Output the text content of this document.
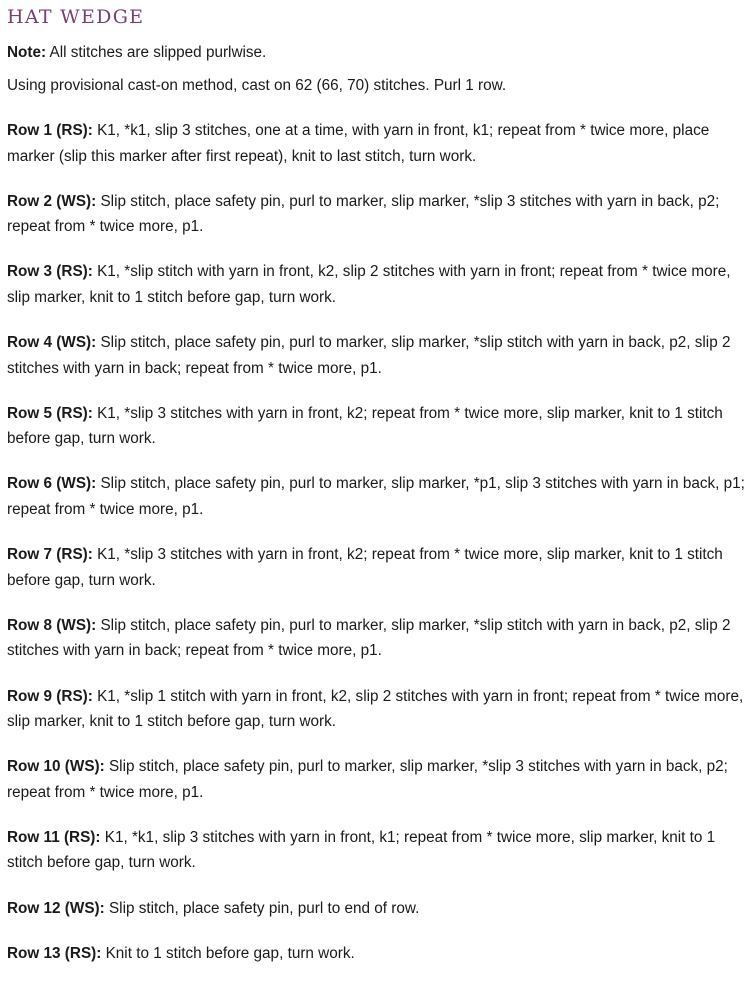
HAT WEDGE

Note: All stitches are slipped purlwise.

Using provisional cast-on method, cast on 62 (66, 70) stitches. Purl 1 row.

Row 1 (RS): K1, *k1, slip 3 stitches, one at a time, with yarn in front, k1; repeat from * twice more, place marker (slip this marker after first repeat), knit to last stitch, turn work.

Row 2 (WS): Slip stitch, place safety pin, purl to marker, slip marker, *slip 3 stitches with yarn in back, p2; repeat from * twice more, p1.

Row 3 (RS): K1, *slip stitch with yarn in front, k2, slip 2 stitches with yarn in front; repeat from * twice more, slip marker, knit to 1 stitch before gap, turn work.

Row 4 (WS): Slip stitch, place safety pin, purl to marker, slip marker, *slip stitch with yarn in back, p2, slip 2 stitches with yarn in back; repeat from * twice more, p1.

Row 5 (RS): K1, *slip 3 stitches with yarn in front, k2; repeat from * twice more, slip marker, knit to 1 stitch before gap, turn work.

Row 6 (WS): Slip stitch, place safety pin, purl to marker, slip marker, *p1, slip 3 stitches with yarn in back, p1; repeat from * twice more, p1.

Row 7 (RS): K1, *slip 3 stitches with yarn in front, k2; repeat from * twice more, slip marker, knit to 1 stitch before gap, turn work.

Row 8 (WS): Slip stitch, place safety pin, purl to marker, slip marker, *slip stitch with yarn in back, p2, slip 2 stitches with yarn in back; repeat from * twice more, p1.

Row 9 (RS): K1, *slip 1 stitch with yarn in front, k2, slip 2 stitches with yarn in front; repeat from * twice more, slip marker, knit to 1 stitch before gap, turn work.

Row 10 (WS): Slip stitch, place safety pin, purl to marker, slip marker, *slip 3 stitches with yarn in back, p2; repeat from * twice more, p1.

Row 11 (RS): K1, *k1, slip 3 stitches with yarn in front, k1; repeat from * twice more, slip marker, knit to 1 stitch before gap, turn work.

Row 12 (WS): Slip stitch, place safety pin, purl to end of row.

Row 13 (RS): Knit to 1 stitch before gap, turn work.
